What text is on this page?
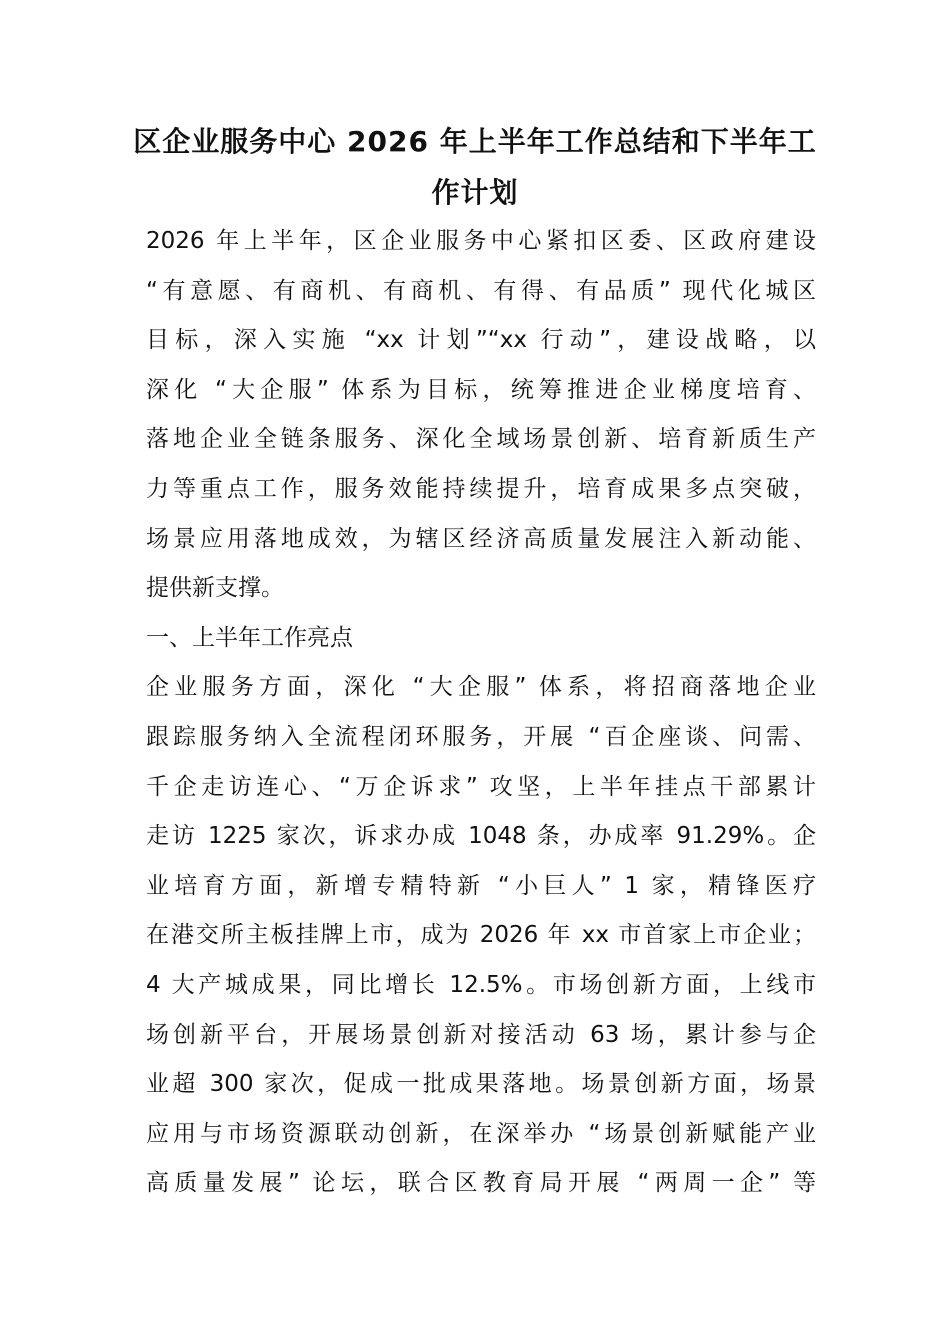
区企业服务中心 2026 年上半年工作总结和下半年工
作计划

2026 年上半年，区企业服务中心紧扣区委、区政府建设

“有意愿、有商机、有商机、有得、有品质” 现代化城区

目标，深入实施 “xx 计划”“xx 行动”，建设战略，以

深化 “大企服” 体系为目标，统筹推进企业梯度培育、

落地企业全链条服务、深化全域场景创新、培育新质生产

力等重点工作，服务效能持续提升，培育成果多点突破，

场景应用落地成效，为辖区经济高质量发展注入新动能、

提供新支撑。

一、上半年工作亮点

企业服务方面，深化 “大企服” 体系，将招商落地企业

跟踪服务纳入全流程闭环服务，开展 “百企座谈、问需、

千企走访连心、“万企诉求” 攻坚，上半年挂点干部累计

走访 1225 家次，诉求办成 1048 条，办成率 91.29%。企

业培育方面，新增专精特新 “小巨人” 1 家，精锋医疗

在港交所主板挂牌上市，成为 2026 年 xx 市首家上市企业；

4 大产城成果，同比增长 12.5%。市场创新方面，上线市

场创新平台，开展场景创新对接活动 63 场，累计参与企

业超 300 家次，促成一批成果落地。场景创新方面，场景

应用与市场资源联动创新，在深举办 “场景创新赋能产业

高质量发展” 论坛，联合区教育局开展 “两周一企” 等
